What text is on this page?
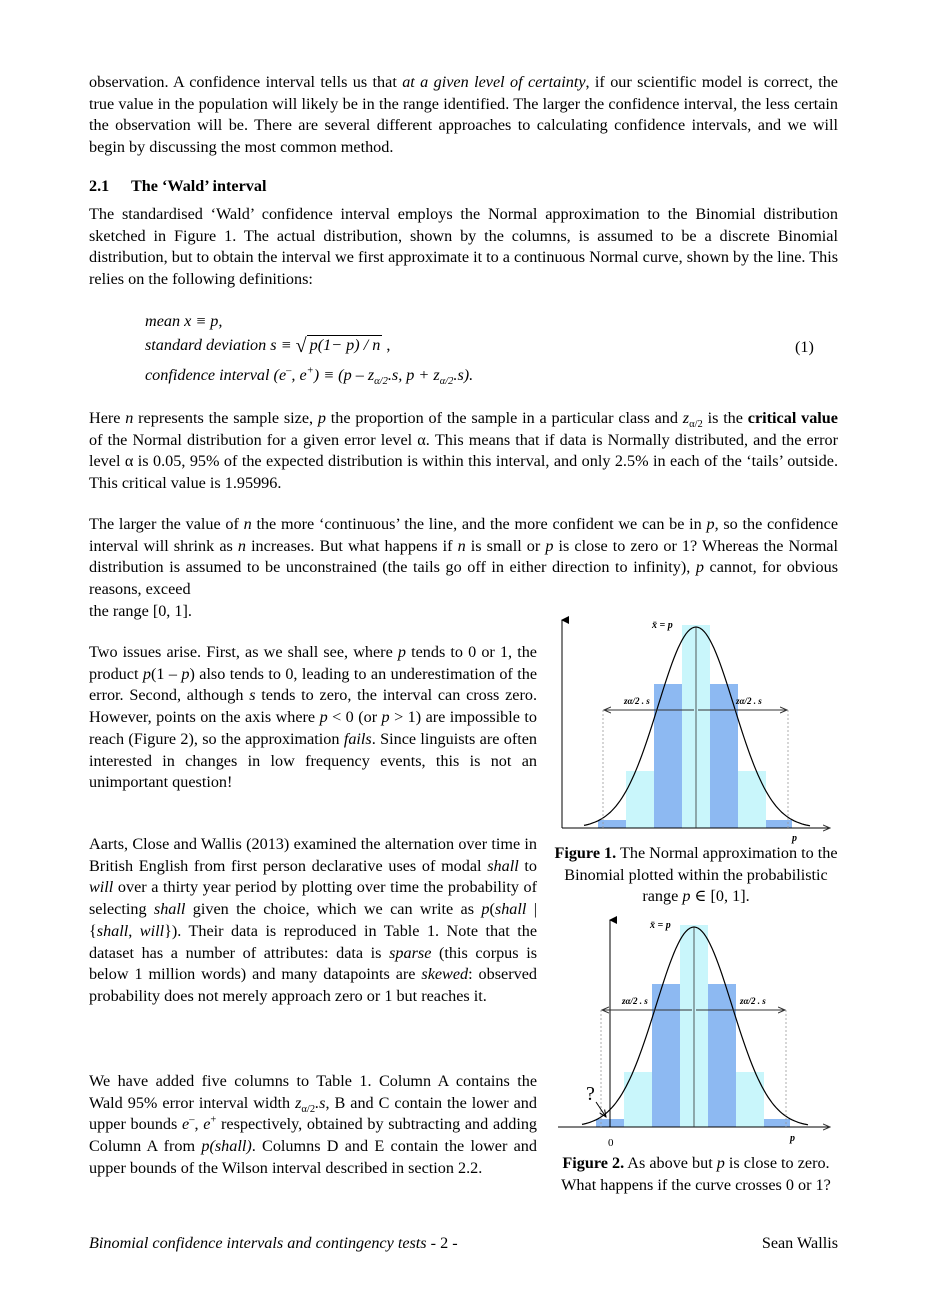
observation. A confidence interval tells us that at a given level of certainty, if our scientific model is correct, the true value in the population will likely be in the range identified. The larger the confidence interval, the less certain the observation will be. There are several different approaches to calculating confidence intervals, and we will begin by discussing the most common method.

2.1 The ‘Wald’ interval

The standardised ‘Wald’ confidence interval employs the Normal approximation to the Binomial distribution sketched in Figure 1. The actual distribution, shown by the columns, is assumed to be a discrete Binomial distribution, but to obtain the interval we first approximate it to a continuous Normal curve, shown by the line. This relies on the following definitions:

mean x ≡ p,

standard deviation s ≡ √ p(1− p) / n ,

confidence interval (e–, $e^+) \equiv (p - z_{\alpha/2}.s$, $p + z_{\alpha/2}.s$).

(1)

Here n represents the sample size, p the proportion of the sample in a particular class and $z_{\alpha/2}$ is the critical value of the Normal distribution for a given error level α. This means that if data is Normally distributed, and the error level α is 0.05, 95% of the expected distribution is within this interval, and only 2.5% in each of the ‘tails’ outside. This critical value is 1.95996.

The larger the value of n the more ‘continuous’ the line, and the more confident we can be in p, so the confidence interval will shrink as n increases. But what happens if n is small or p is close to zero or 1? Whereas the Normal distribution is assumed to be unconstrained (the tails go off in either direction to infinity), p cannot, for obvious reasons, exceed

the range [0, 1].

Two issues arise. First, as we shall see, where p tends to 0 or 1, the product p(1 – p) also tends to 0, leading to an underestimation of the error. Second, although s tends to zero, the interval can cross zero. However, points on the axis where p < 0 (or p > 1) are impossible to reach (Figure 2), so the approximation fails. Since linguists are often interested in changes in low frequency events, this is not an unimportant question!

Aarts, Close and Wallis (2013) examined the alternation over time in British English from first person declarative uses of modal shall to will over a thirty year period by plotting over time the probability of selecting shall given the choice, which we can write as p(shall | {shall, will}). Their data is reproduced in Table 1. Note that the dataset has a number of attributes: data is sparse (this corpus is below 1 million words) and many datapoints are skewed: observed probability does not merely approach zero or 1 but reaches it.

We have added five columns to Table 1. Column A contains the Wald 95% error interval width $z_{\alpha/2}.s$, B and C contain the lower and upper bounds e–, e+ respectively, obtained by subtracting and adding Column A from p(shall). Columns D and E contain the lower and upper bounds of the Wilson interval described in section 2.2.

x̄ = p
zα/2 . s	zα/2 . s
p

Figure 1. The Normal approximation to the Binomial plotted within the probabilistic range p ∈ [0, 1].

x̄ = p
zα/2 . s	zα/2 . s
p
0
?

Figure 2. As above but p is close to zero. What happens if the curve crosses 0 or 1?

Binomial confidence intervals and contingency tests - 2 -	Sean Wallis
